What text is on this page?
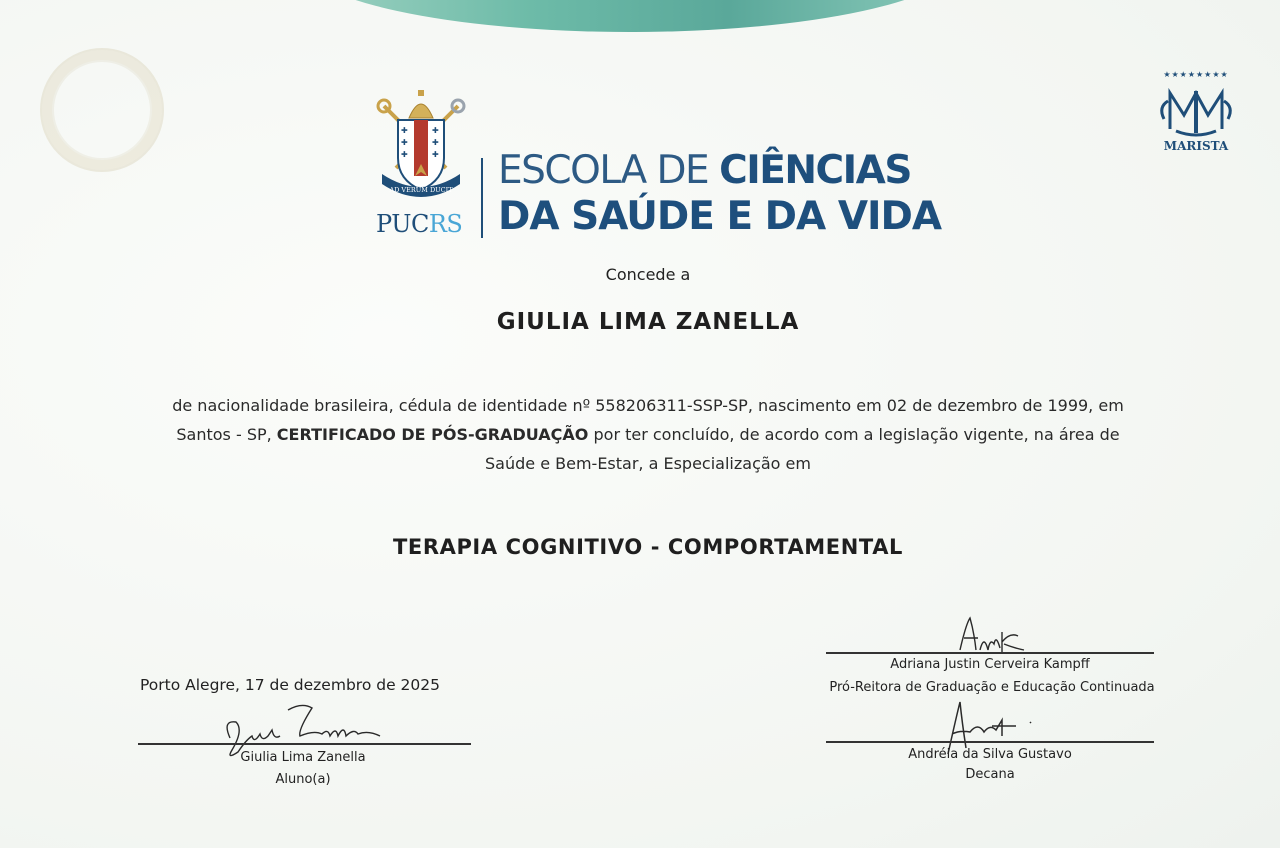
✚
✚
✚
✚
✚
✚
AD VERUM DUCIT
PUCRS
ESCOLA DE CIÊNCIAS
DA SAÚDE E DA VIDA
★★★★★★★★
MARISTA
Concede a
GIULIA LIMA ZANELLA
de nacionalidade brasileira, cédula de identidade nº 558206311-SSP-SP, nascimento em 02 de dezembro de 1999, em Santos - SP, CERTIFICADO DE PÓS-GRADUAÇÃO por ter concluído, de acordo com a legislação vigente, na área de Saúde e Bem-Estar, a Especialização em
TERAPIA COGNITIVO - COMPORTAMENTAL
Porto Alegre, 17 de dezembro de 2025
Giulia Lima Zanella
Aluno(a)
Adriana Justin Cerveira Kampff
Pró-Reitora de Graduação e Educação Continuada
Andréia da Silva Gustavo
Decana
